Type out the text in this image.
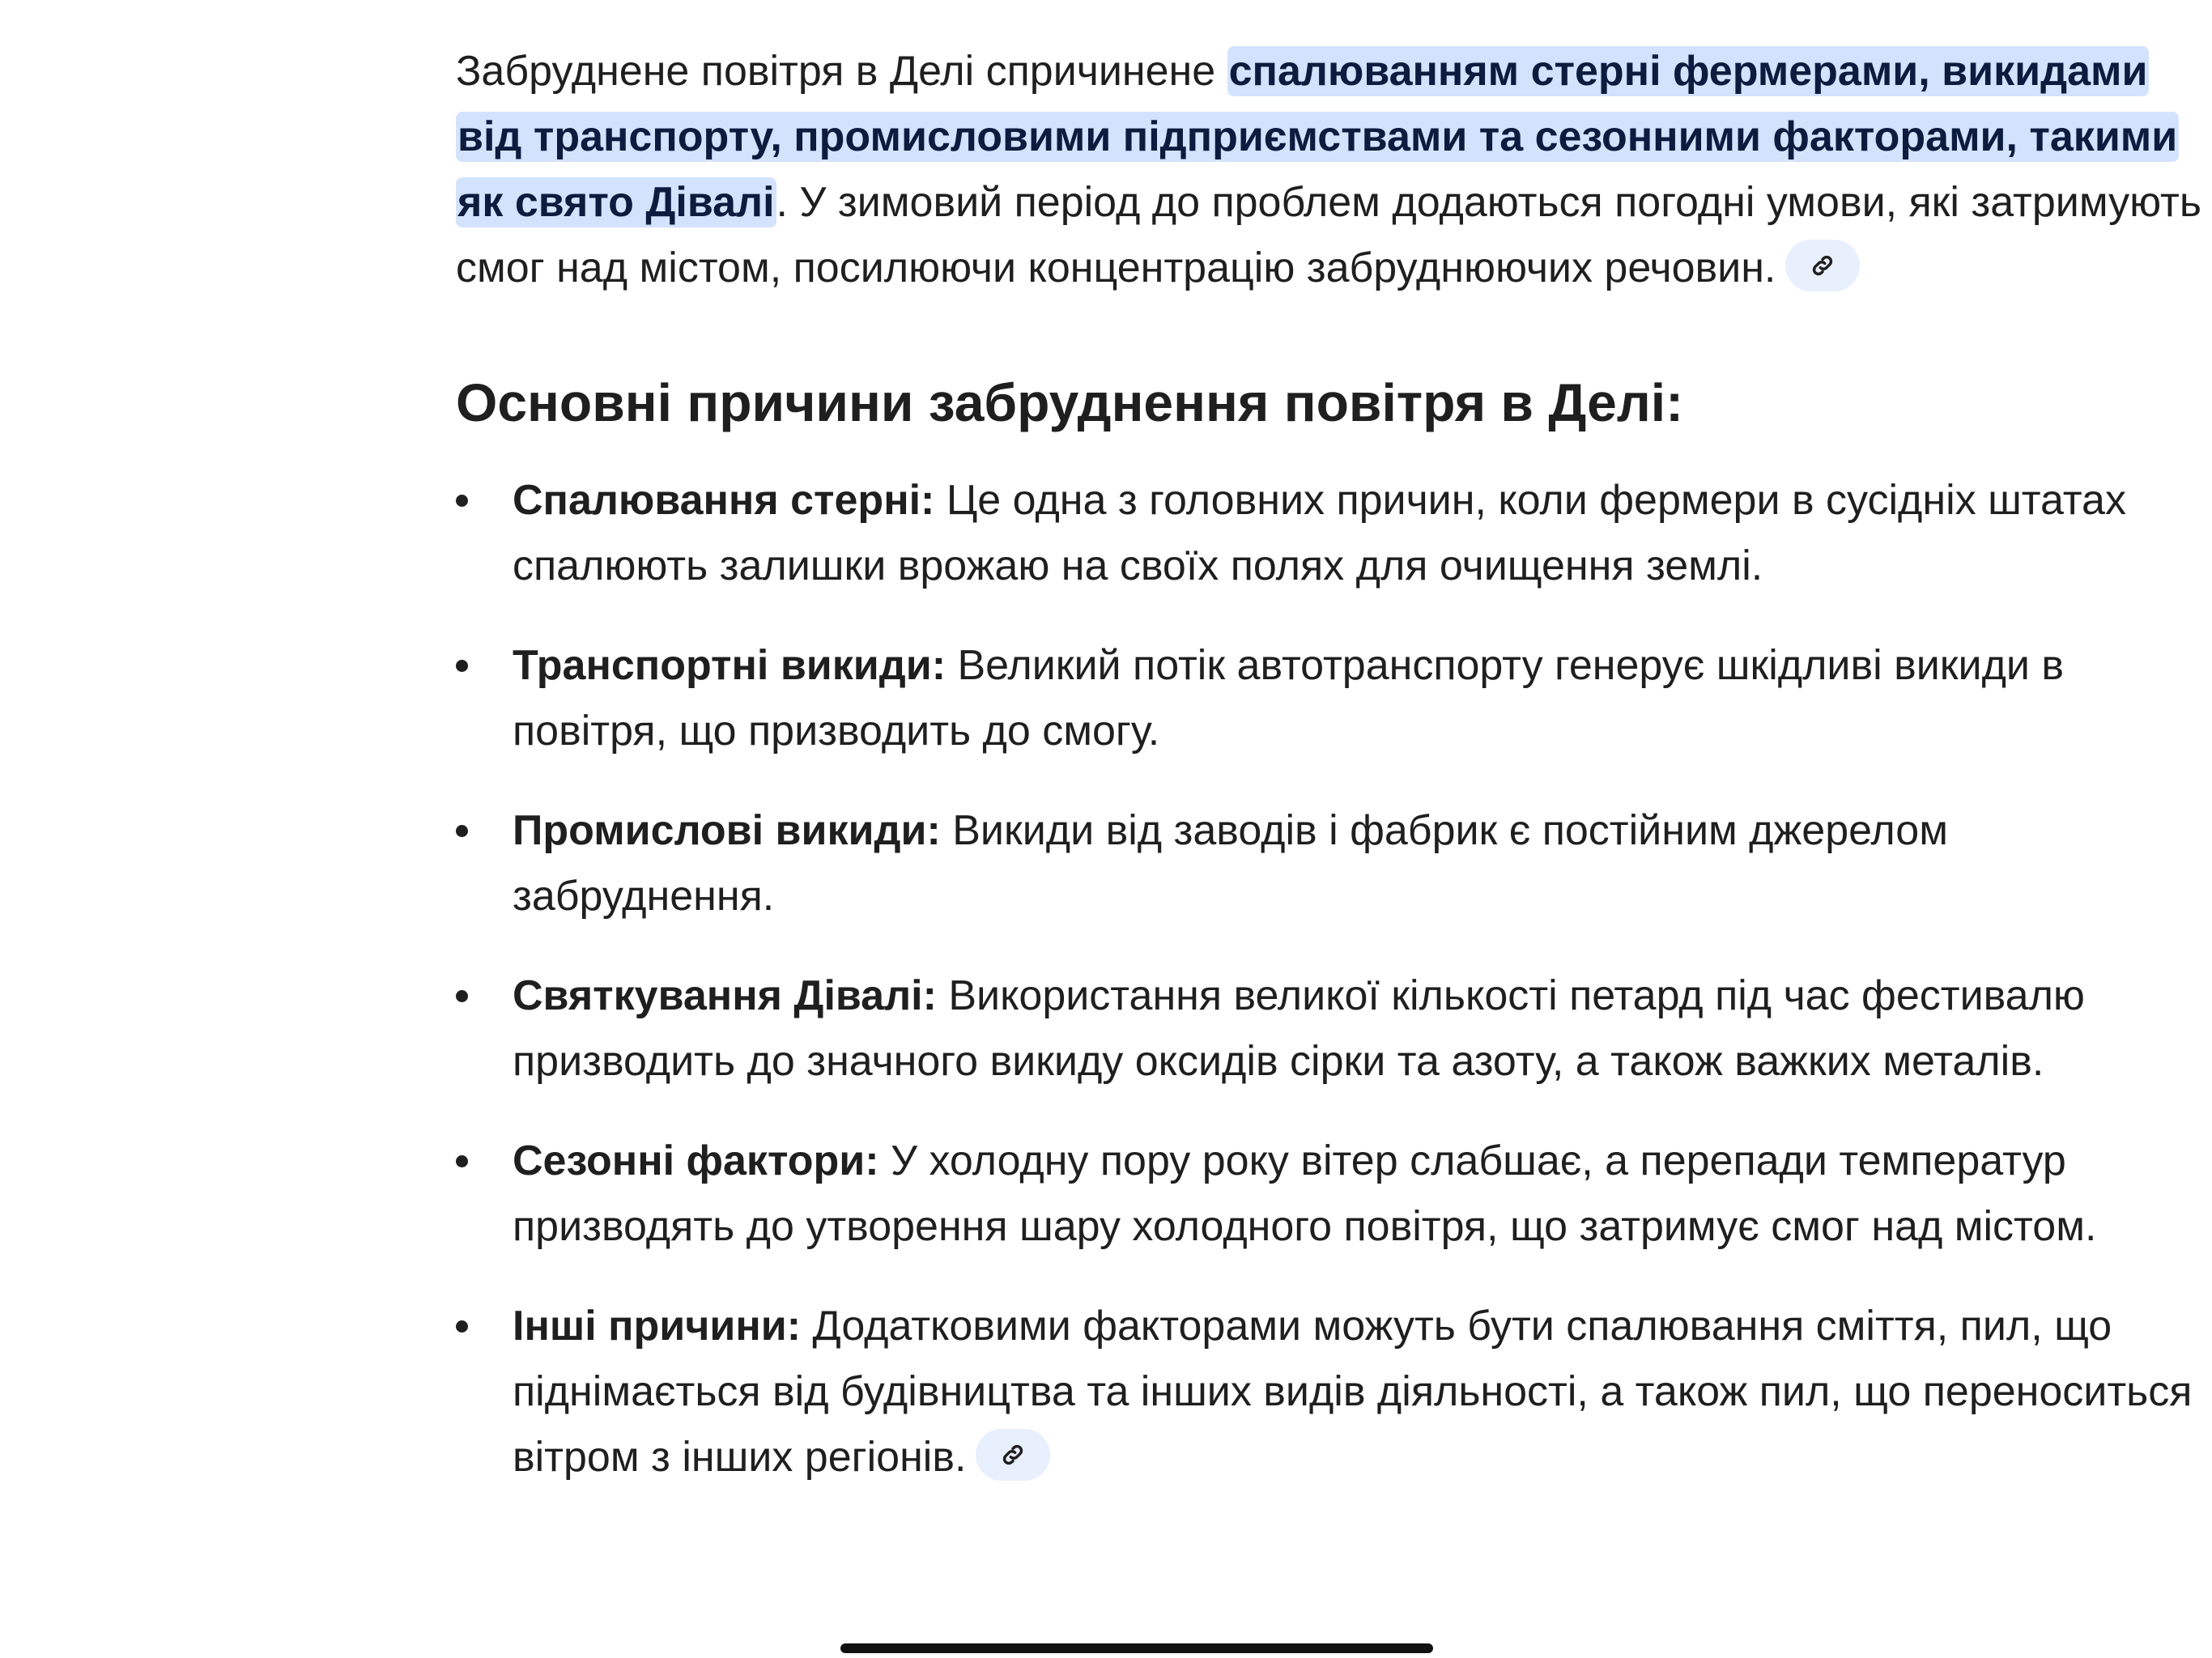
Забруднене повітря в Делі спричинене спалюванням стерні фермерами, викидами від транспорту, промисловими підприємствами та сезонними факторами, такими як свято Дівалі. У зимовий період до проблем додаються погодні умови, які затримують смог над містом, посилюючи концентрацію забруднюючих речовин.

Основні причини забруднення повітря в Делі:
Спалювання стерні: Це одна з головних причин, коли фермери в сусідніх штатах спалюють залишки врожаю на своїх полях для очищення землі.
Транспортні викиди: Великий потік автотранспорту генерує шкідливі викиди в повітря, що призводить до смогу.
Промислові викиди: Викиди від заводів і фабрик є постійним джерелом забруднення.
Святкування Дівалі: Використання великої кількості петард під час фестивалю призводить до значного викиду оксидів сірки та азоту, а також важких металів.
Сезонні фактори: У холодну пору року вітер слабшає, а перепади температур призводять до утворення шару холодного повітря, що затримує смог над містом.
Інші причини: Додатковими факторами можуть бути спалювання сміття, пил, що піднімається від будівництва та інших видів діяльності, а також пил, що переноситься вітром з інших регіонів.
